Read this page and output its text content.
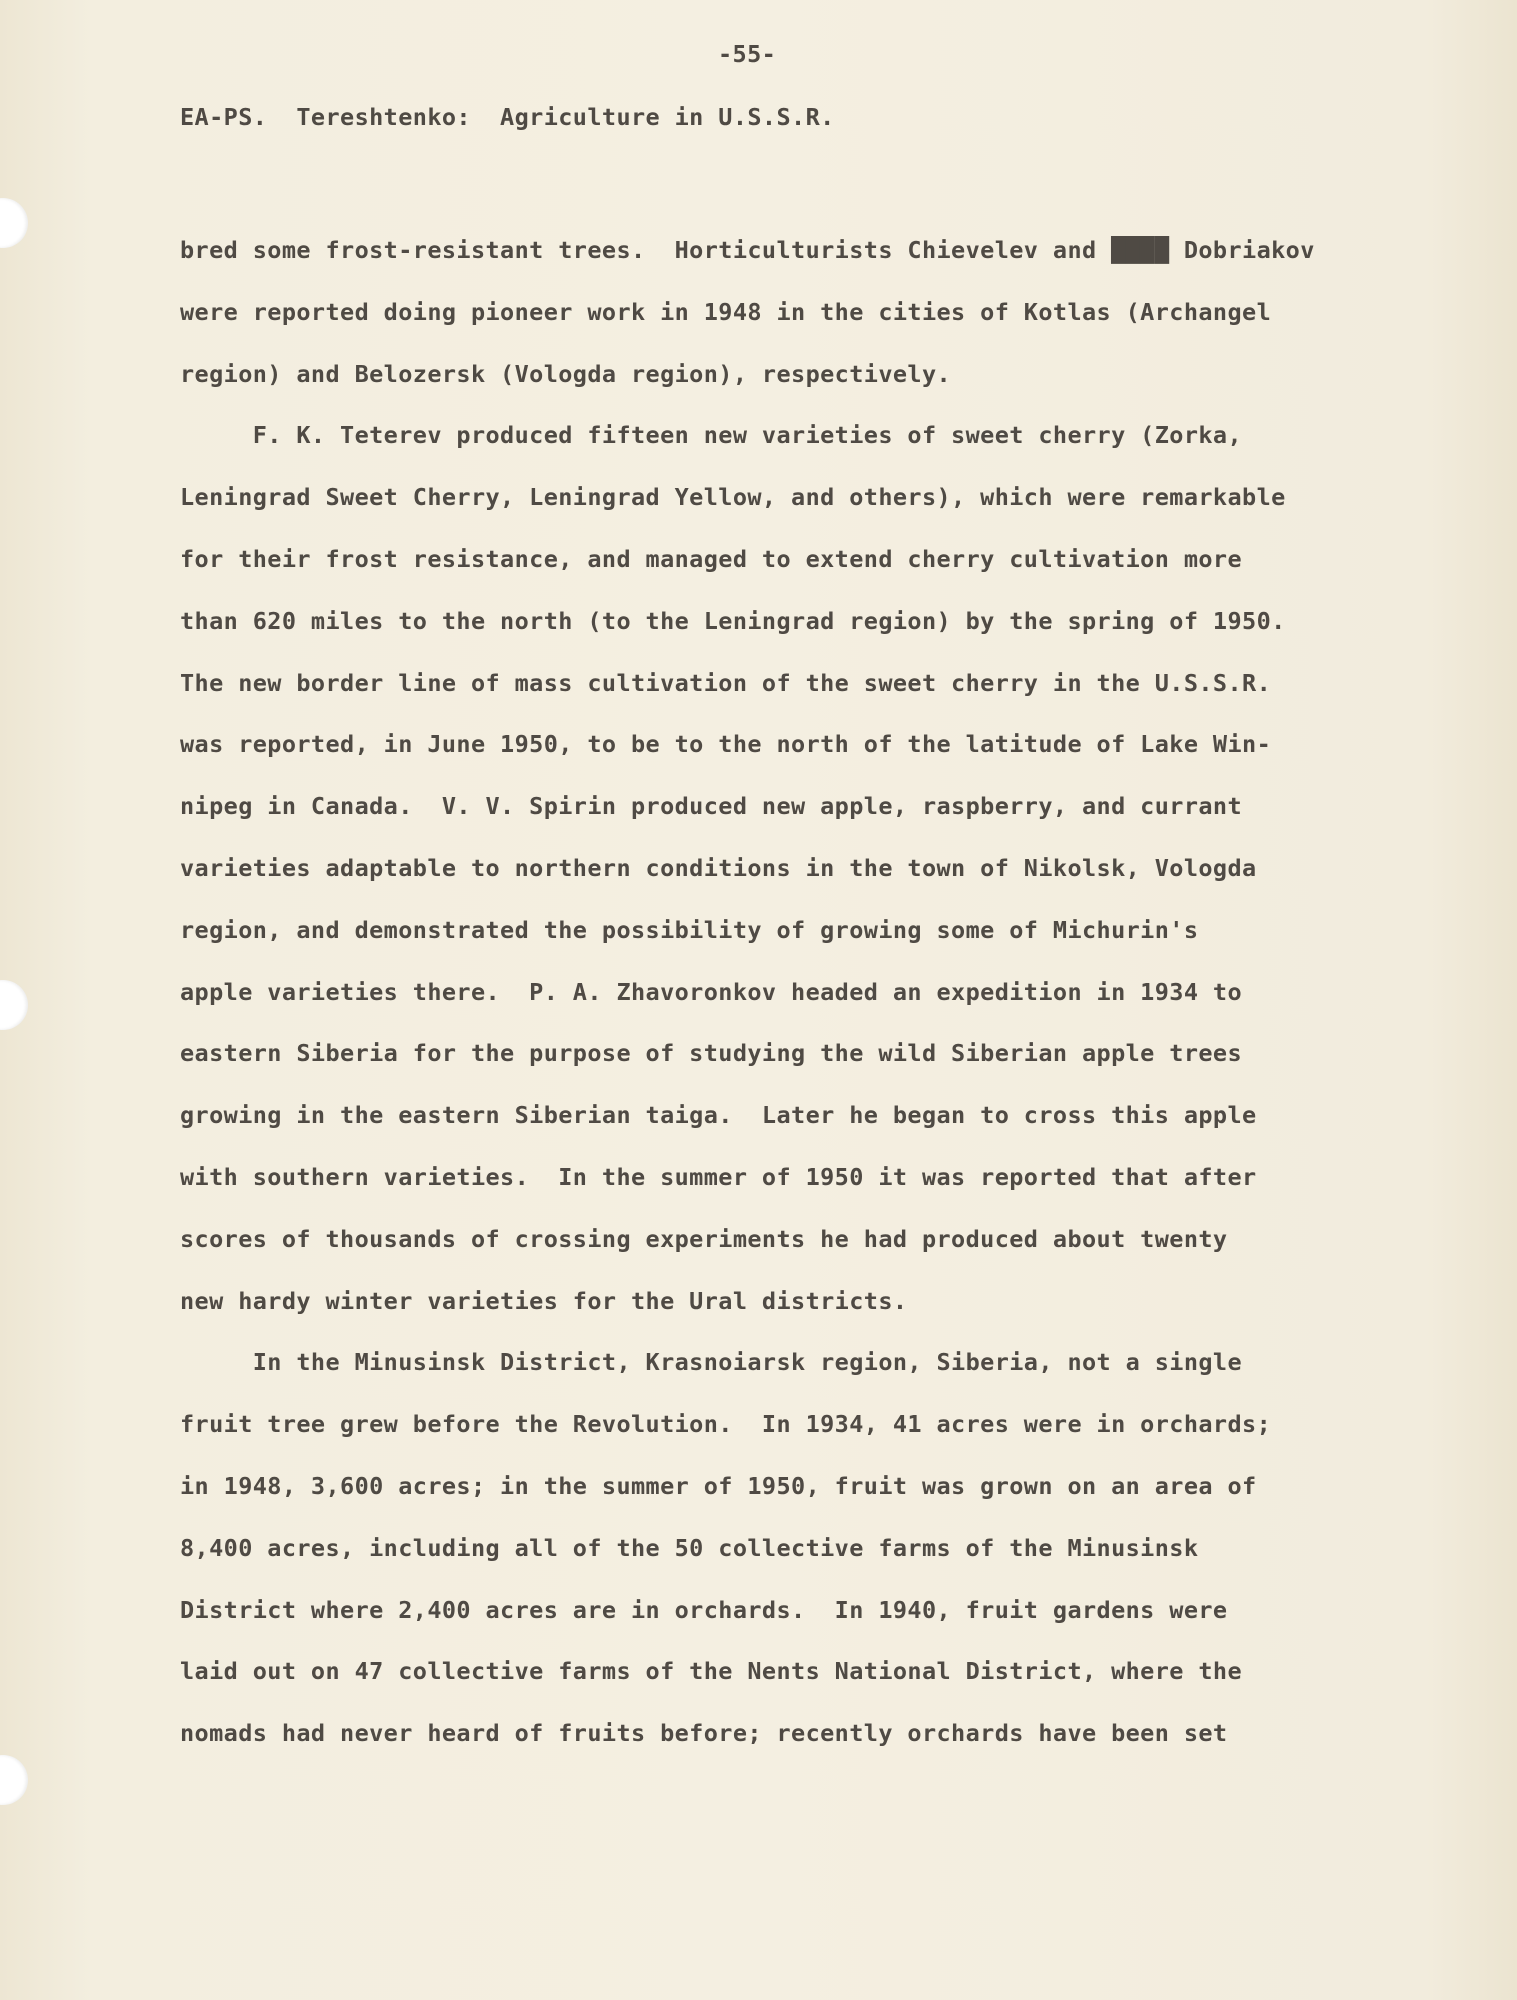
-55-
EA-PS.  Tereshtenko:  Agriculture in U.S.S.R.
bred some frost-resistant trees.  Horticulturists Chievelev and ████ Dobriakov
were reported doing pioneer work in 1948 in the cities of Kotlas (Archangel
region) and Belozersk (Vologda region), respectively.
F. K. Teterev produced fifteen new varieties of sweet cherry (Zorka,
Leningrad Sweet Cherry, Leningrad Yellow, and others), which were remarkable
for their frost resistance, and managed to extend cherry cultivation more
than 620 miles to the north (to the Leningrad region) by the spring of 1950.
The new border line of mass cultivation of the sweet cherry in the U.S.S.R.
was reported, in June 1950, to be to the north of the latitude of Lake Win-
nipeg in Canada.  V. V. Spirin produced new apple, raspberry, and currant
varieties adaptable to northern conditions in the town of Nikolsk, Vologda
region, and demonstrated the possibility of growing some of Michurin's
apple varieties there.  P. A. Zhavoronkov headed an expedition in 1934 to
eastern Siberia for the purpose of studying the wild Siberian apple trees
growing in the eastern Siberian taiga.  Later he began to cross this apple
with southern varieties.  In the summer of 1950 it was reported that after
scores of thousands of crossing experiments he had produced about twenty
new hardy winter varieties for the Ural districts.
In the Minusinsk District, Krasnoiarsk region, Siberia, not a single
fruit tree grew before the Revolution.  In 1934, 41 acres were in orchards;
in 1948, 3,600 acres; in the summer of 1950, fruit was grown on an area of
8,400 acres, including all of the 50 collective farms of the Minusinsk
District where 2,400 acres are in orchards.  In 1940, fruit gardens were
laid out on 47 collective farms of the Nents National District, where the
nomads had never heard of fruits before; recently orchards have been set
